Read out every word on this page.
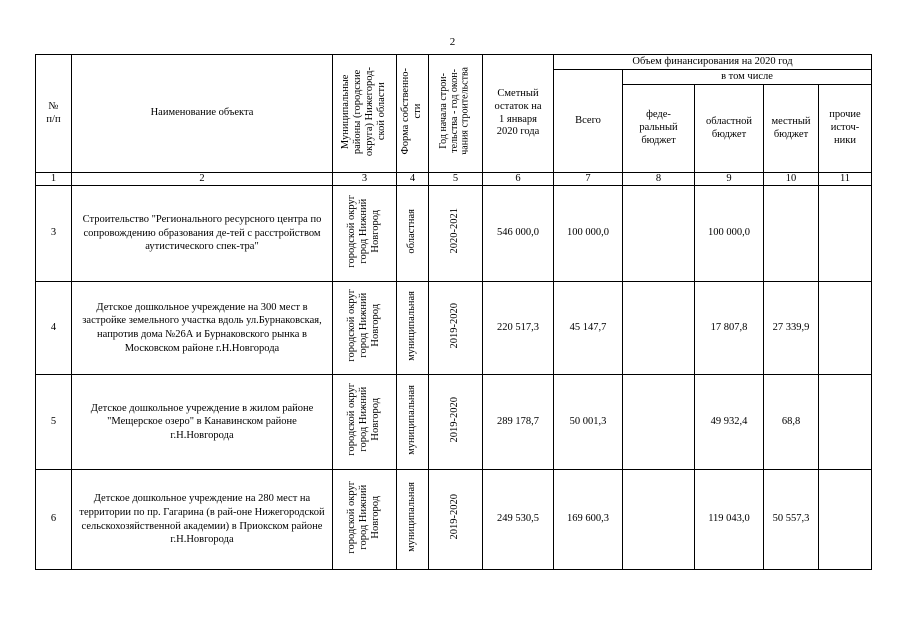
2
№
п/п	Наименование объекта	Муниципальные
районы (городские
округа) Нижегород-
ской области	Форма собственно-
сти	Год начала строи-
тельства - год окон-
чания строительства	Сметный
остаток на
1 января
2020 года	Объем финансирования на 2020 год				
						Всего	в том числе			
							феде-
ральный
бюджет	областной
бюджет	местный
бюджет	прочие
источ-
ники
1	2	3	4	5	6	7	8	9	10	11
3	Строительство "Регионального ресурсного центра по сопровождению образования де-тей с расстройством аутистического спек-тра"	городской округ
город Нижний
Новгород	областная	2020-2021	546 000,0	100 000,0		100 000,0		
4	Детское дошкольное учреждение на 300 мест в застройке земельного участка вдоль ул.Бурнаковская, напротив дома №26А и Бурнаковского рынка в Московском районе г.Н.Новгорода	городской округ
город Нижний
Новгород	муниципальная	2019-2020	220 517,3	45 147,7		17 807,8	27 339,9	
5	Детское дошкольное учреждение в жилом районе "Мещерское озеро" в Канавинском районе г.Н.Новгорода	городской округ
город Нижний
Новгород	муниципальная	2019-2020	289 178,7	50 001,3		49 932,4	68,8	
6	Детское дошкольное учреждение на 280 мест на территории по пр. Гагарина (в рай-оне Нижегородской сельскохозяйственной академии) в Приокском районе г.Н.Новгорода	городской округ
город Нижний
Новгород	муниципальная	2019-2020	249 530,5	169 600,3		119 043,0	50 557,3	
